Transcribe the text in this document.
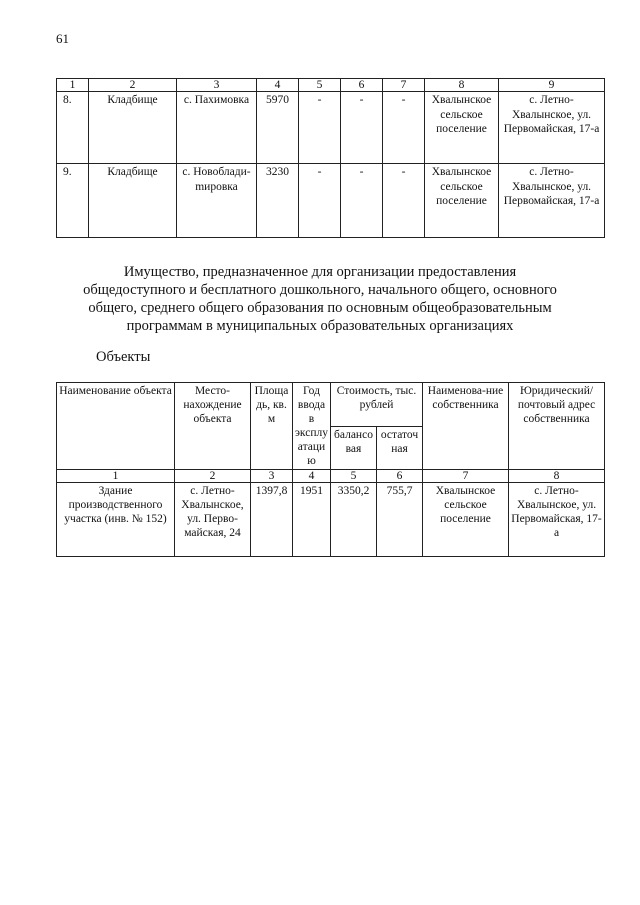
61
1	2	3	4	5	6	7	8	9
8.	Кладбище	с. Пахимовка	5970	-	-	-	Хвалынское сельское поселение	с. Летно-Хвалынское, ул. Первомайская, 17-а
9.	Кладбище	с. Новобладиmировка	3230	-	-	-	Хвалынское сельское поселение	с. Летно-Хвалынское, ул. Первомайская, 17-а
Имущество, предназначенное для организации предоставления
общедоступного и бесплатного дошкольного, начального общего, основного
общего, среднего общего образования по основным общеобразовательным
программам в муниципальных образовательных организациях

Объекты

Наименование объекта	Место-нахождение объекта	Площадь, кв. м	Год ввода в эксплуатацию	Стоимость, тыс. рублей		Наименова-ние собственника	Юридический/ почтовый адрес собственника
				балансовая	остаточная		
1	2	3	4	5	6	7	8
Здание производственного участка (инв. № 152)	с. Летно-Хвалынское, ул. Перво-майская, 24	1397,8	1951	3350,2	755,7	Хвалынское сельское поселение	с. Летно-Хвалынское, ул. Первомайская, 17-а
